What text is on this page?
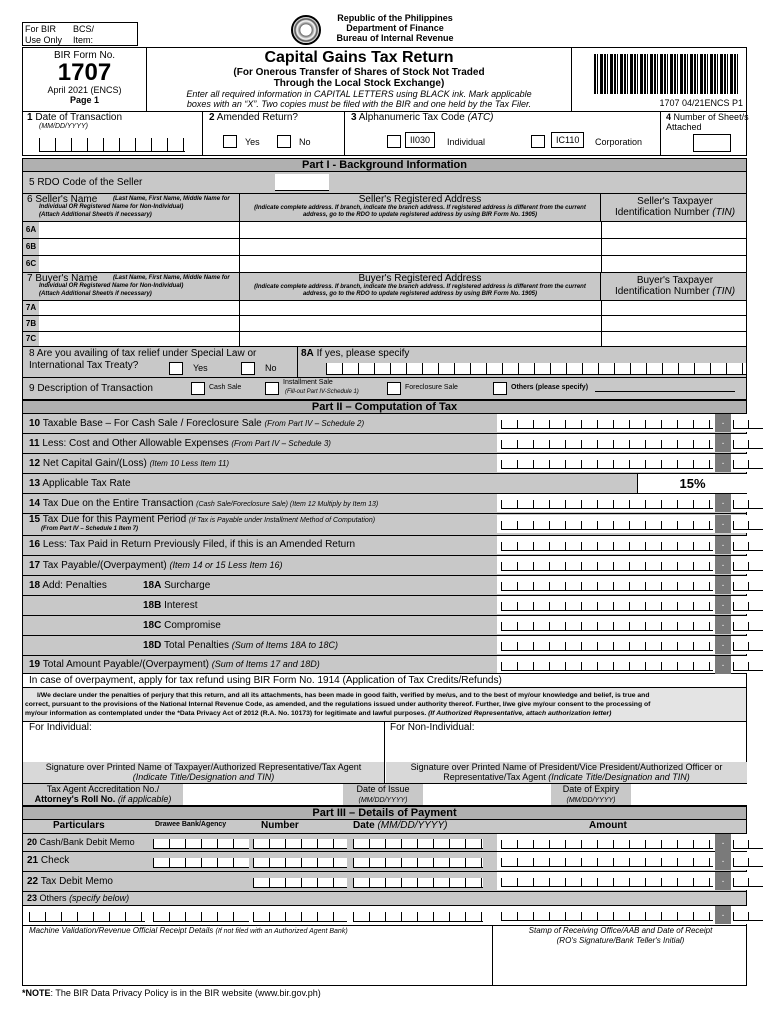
For BIR BCS/
Use Only Item:
Republic of the Philippines
Department of Finance
Bureau of Internal Revenue
BIR Form No.
1707
April 2021 (ENCS)
Page 1
Capital Gains Tax Return
(For Onerous Transfer of Shares of Stock Not Traded
Through the Local Stock Exchange)
Enter all required information in CAPITAL LETTERS using BLACK ink. Mark applicable
boxes with an “X”. Two copies must be filed with the BIR and one held by the Tax Filer.	1707 04/21ENCS P1
1 Date of Transaction
(MM/DD/YYYY)
2 Amended Return?
Yes	No
3 Alphanumeric Tax Code (ATC)
II030	Individual	IC110	Corporation
4 Number of Sheet/s
Attached
Part I - Background Information
5 RDO Code of the Seller
6 Seller's Name	(Last Name, First Name, Middle Name for
Individual OR Registered Name for Non-Individual)
(Attach Additional Sheet/s if necessary)
Seller's Registered Address
(Indicate complete address. If branch, indicate the branch address. If registered address is different from the current
address, go to the RDO to update registered address by using BIR Form No. 1905)
Seller's Taxpayer
Identification Number (TIN)
6A
6B
6C
7 Buyer's Name	(Last Name, First Name, Middle Name for
Individual OR Registered Name for Non-Individual)
(Attach Additional Sheet/s if necessary)
Buyer's Registered Address
(Indicate complete address. If branch, indicate the branch address. If registered address is different from the current
address, go to the RDO to update registered address by using BIR Form No. 1905)
Buyer's Taxpayer
Identification Number (TIN)
7A
7B
7C
8 Are you availing of tax relief under Special Law or
International Tax Treaty?	Yes	No
8A If yes, please specify
9 Description of Transaction	Cash Sale
Installment Sale
(Fill-out Part IV-Schedule 1)
Foreclosure Sale	Others (please specify)
Part II – Computation of Tax
10 Taxable Base – For Cash Sale / Foreclosure Sale (From Part IV – Schedule 2)	.
11 Less: Cost and Other Allowable Expenses (From Part IV – Schedule 3)	.
12 Net Capital Gain/(Loss) (Item 10 Less Item 11)	.
13 Applicable Tax Rate	15%
14 Tax Due on the Entire Transaction (Cash Sale/Foreclosure Sale) (Item 12 Multiply by Item 13)	.
15 Tax Due for this Payment Period (If Tax is Payable under Installment Method of Computation)
(From Part IV – Schedule 1 Item 7)
.
16 Less: Tax Paid in Return Previously Filed, if this is an Amended Return	.
17 Tax Payable/(Overpayment) (Item 14 or 15 Less Item 16)	.
18 Add: Penalties	18A Surcharge	.
18B Interest	.
18C Compromise	.
18D Total Penalties (Sum of Items 18A to 18C)	.
19 Total Amount Payable/(Overpayment) (Sum of Items 17 and 18D)	.
In case of overpayment, apply for tax refund using BIR Form No. 1914 (Application of Tax Credits/Refunds)
I/We declare under the penalties of perjury that this return, and all its attachments, has been made in good faith, verified by me/us, and to the best of my/our knowledge and belief, is true and
correct, pursuant to the provisions of the National Internal Revenue Code, as amended, and the regulations issued under authority thereof. Further, I/we give my/our consent to the processing of
my/our information as contemplated under the *Data Privacy Act of 2012 (R.A. No. 10173) for legitimate and lawful purposes. (If Authorized Representative, attach authorization letter)
For Individual:
Signature over Printed Name of Taxpayer/Authorized Representative/Tax Agent
(Indicate Title/Designation and TIN)
For Non-Individual:
Signature over Printed Name of President/Vice President/Authorized Officer or
Representative/Tax Agent (Indicate Title/Designation and TIN)
Tax Agent Accreditation No./
Attorney's Roll No. (if applicable)
Date of Issue
(MM/DD/YYYY)
Date of Expiry
(MM/DD/YYYY)
Part III – Details of Payment
Particulars	Drawee Bank/Agency	Number	Date (MM/DD/YYYY)	Amount
20 Cash/Bank Debit Memo	.
21 Check	.
22 Tax Debit Memo	.
23 Others (specify below)
.
Machine Validation/Revenue Official Receipt Details (If not filed with an Authorized Agent Bank)	Stamp of Receiving Office/AAB and Date of Receipt
(RO's Signature/Bank Teller's Initial)
*NOTE: The BIR Data Privacy Policy is in the BIR website (www.bir.gov.ph)
